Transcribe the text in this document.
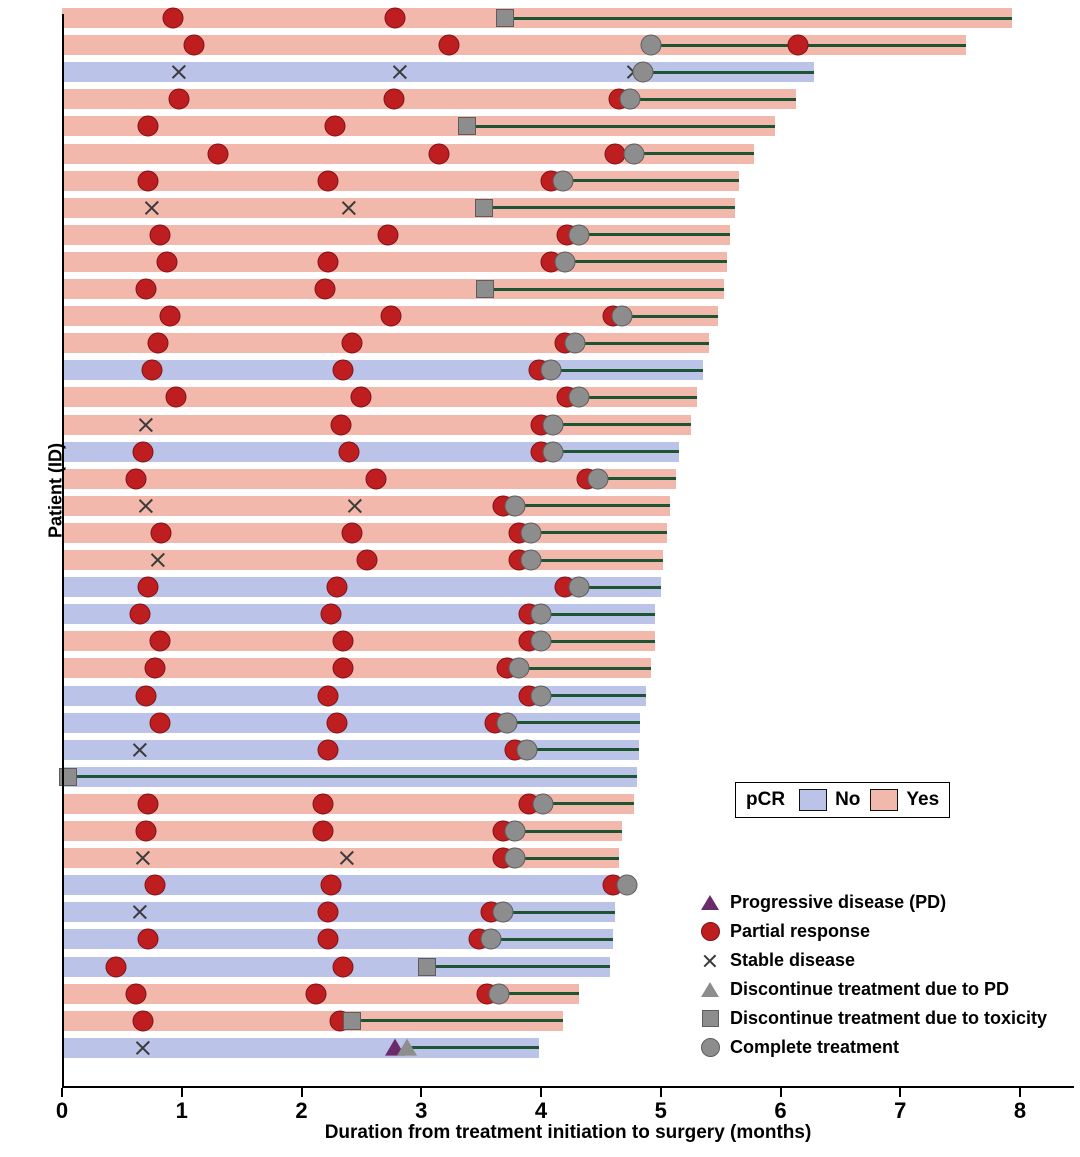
0	1	2	3	4	5	6	7	8
Duration from treatment initiation to surgery (months)
Patient (ID)
pCR	No Yes
Progressive disease (PD)
Partial response
Stable disease
Discontinue treatment due to PD
Discontinue treatment due to toxicity
Complete treatment
